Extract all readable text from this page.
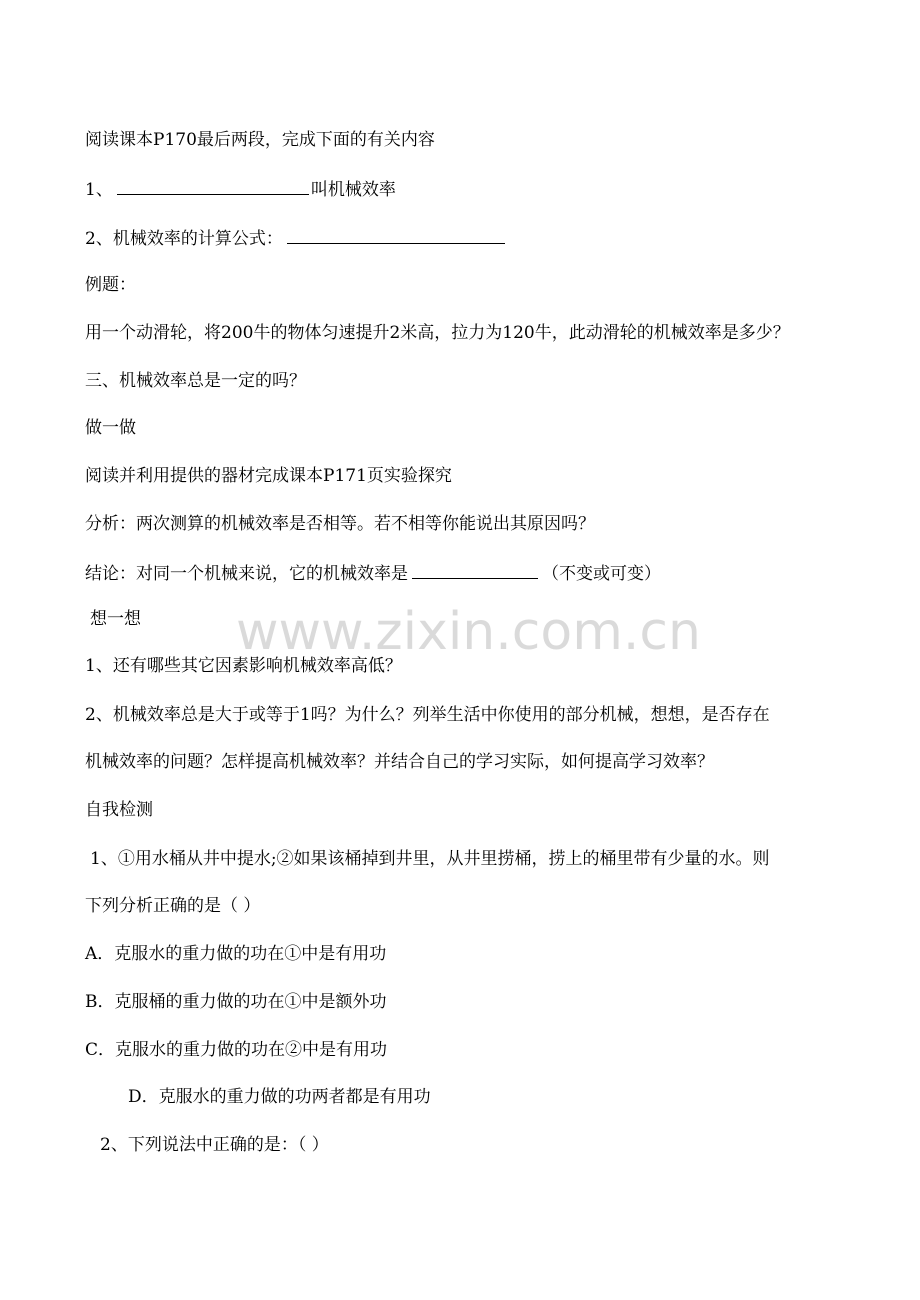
阅读课本P170最后两段，完成下面的有关内容
1、	叫机械效率
2、机械效率的计算公式：
例题：
用一个动滑轮，将200牛的物体匀速提升2米高，拉力为120牛，此动滑轮的机械效率是多少？
三、机械效率总是一定的吗？
做一做
阅读并利用提供的器材完成课本P171页实验探究
分析：两次测算的机械效率是否相等。若不相等你能说出其原因吗？
结论：对同一个机械来说，它的机械效率是	（不变或可变）
想一想
1、还有哪些其它因素影响机械效率高低？
2、机械效率总是大于或等于1吗？为什么？列举生活中你使用的部分机械，想想，是否存在
机械效率的问题？怎样提高机械效率？并结合自己的学习实际，如何提高学习效率？
自我检测
1、①用水桶从井中提水;②如果该桶掉到井里，从井里捞桶，捞上的桶里带有少量的水。则
下列分析正确的是（ ）
A．克服水的重力做的功在①中是有用功
B．克服桶的重力做的功在①中是额外功
C．克服水的重力做的功在②中是有用功
D．克服水的重力做的功两者都是有用功
2、下列说法中正确的是：（ ）
www.zixin.com.cn
